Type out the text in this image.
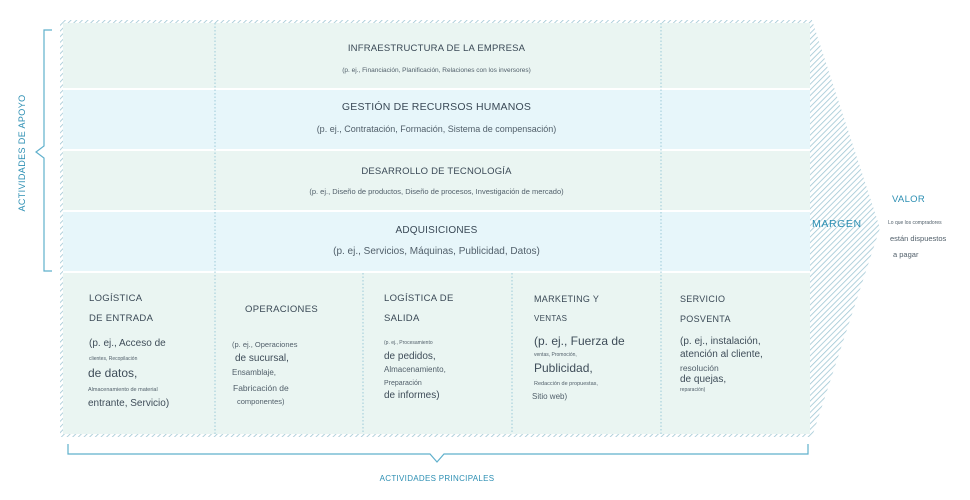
ACTIVIDADES DE APOYO
INFRAESTRUCTURA DE LA EMPRESA
(p. ej., Financiación, Planificación, Relaciones con los inversores)
GESTIÓN DE RECURSOS HUMANOS
(p. ej., Contratación, Formación, Sistema de compensación)
DESARROLLO DE TECNOLOGÍA
(p. ej., Diseño de productos, Diseño de procesos, Investigación de mercado)
ADQUISICIONES
(p. ej., Servicios, Máquinas, Publicidad, Datos)
LOGÍSTICA
DE ENTRADA
(p. ej., Acceso de
clientes, Recopilación
de datos,
Almacenamiento de material
entrante, Servicio)
OPERACIONES
(p. ej., Operaciones
de sucursal,
Ensamblaje,
Fabricación de
componentes)
LOGÍSTICA DE
SALIDA
(p. ej., Procesamiento
de pedidos,
Almacenamiento,
Preparación
de informes)
MARKETING Y
VENTAS
(p. ej., Fuerza de
ventas, Promoción,
Publicidad,
Redacción de propuestas,
Sitio web)
SERVICIO
POSVENTA
(p. ej., instalación,
atención al cliente,
resolución
de quejas,
reparación)
ACTIVIDADES PRINCIPALES
MARGEN
VALOR
Lo que los compradores
están dispuestos
a pagar
